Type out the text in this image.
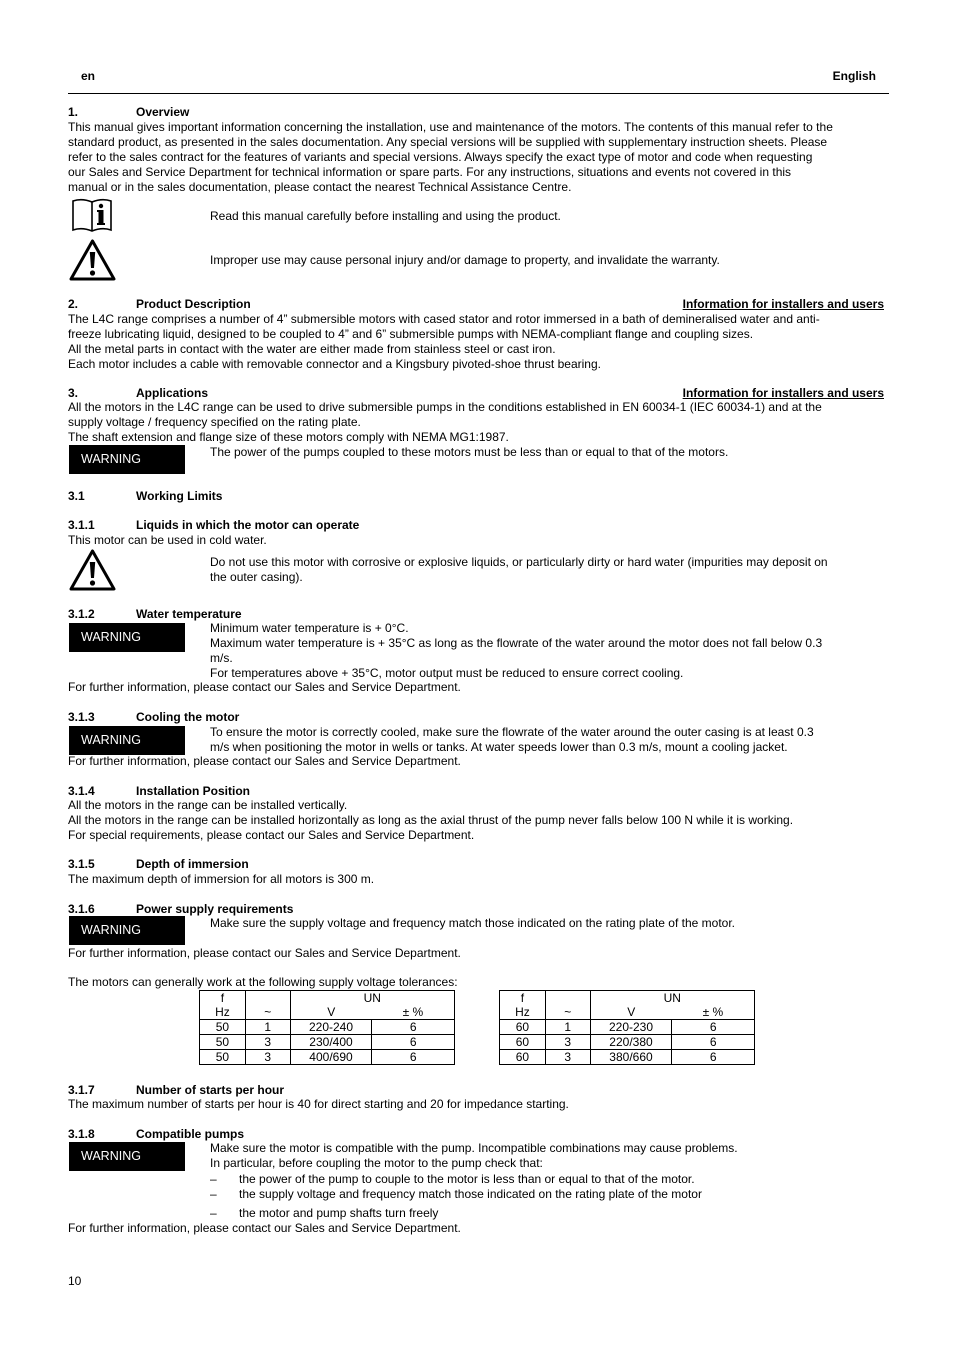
en	English
1.	Overview
This manual gives important information concerning the installation, use and maintenance of the motors. The contents of this manual refer to the
standard product, as presented in the sales documentation. Any special versions will be supplied with supplementary instruction sheets. Please
refer to the sales contract for the features of variants and special versions. Always specify the exact type of motor and code when requesting
our Sales and Service Department for technical information or spare parts. For any instructions, situations and events not covered in this
manual or in the sales documentation, please contact the nearest Technical Assistance Centre.
Read this manual carefully before installing and using the product.
Improper use may cause personal injury and/or damage to property, and invalidate the warranty.
2.	Product Description	Information for installers and users
The L4C range comprises a number of 4” submersible motors with cased stator and rotor immersed in a bath of demineralised water and anti-
freeze lubricating liquid, designed to be coupled to 4” and 6” submersible pumps with NEMA-compliant flange and coupling sizes.
All the metal parts in contact with the water are either made from stainless steel or cast iron.
Each motor includes a cable with removable connector and a Kingsbury pivoted-shoe thrust bearing.
3.	Applications	Information for installers and users
All the motors in the L4C range can be used to drive submersible pumps in the conditions established in EN 60034-1 (IEC 60034-1) and at the
supply voltage / frequency specified on the rating plate.
The shaft extension and flange size of these motors comply with NEMA MG1:1987.
WARNING	The power of the pumps coupled to these motors must be less than or equal to that of the motors.
3.1	Working Limits
3.1.1	Liquids in which the motor can operate
This motor can be used in cold water.
Do not use this motor with corrosive or explosive liquids, or particularly dirty or hard water (impurities may deposit on
the outer casing).
3.1.2	Water temperature
WARNING
Minimum water temperature is + 0°C.
Maximum water temperature is + 35°C as long as the flowrate of the water around the motor does not fall below 0.3
m/s.
For temperatures above + 35°C, motor output must be reduced to ensure correct cooling.
For further information, please contact our Sales and Service Department.
3.1.3	Cooling the motor
WARNING
To ensure the motor is correctly cooled, make sure the flowrate of the water around the outer casing is at least 0.3
m/s when positioning the motor in wells or tanks. At water speeds lower than 0.3 m/s, mount a cooling jacket.
For further information, please contact our Sales and Service Department.
3.1.4	Installation Position
All the motors in the range can be installed vertically.
All the motors in the range can be installed horizontally as long as the axial thrust of the pump never falls below 100 N while it is working.
For special requirements, please contact our Sales and Service Department.
3.1.5	Depth of immersion
The maximum depth of immersion for all motors is 300 m.
3.1.6	Power supply requirements
WARNING	Make sure the supply voltage and frequency match those indicated on the rating plate of the motor.
For further information, please contact our Sales and Service Department.
The motors can generally work at the following supply voltage tolerances:
f		UN	
Hz	~	V	± %
50	1	220-240	6
50	3	230/400	6
50	3	400/690	6
f		UN	
Hz	~	V	± %
60	1	220-230	6
60	3	220/380	6
60	3	380/660	6
3.1.7	Number of starts per hour
The maximum number of starts per hour is 40 for direct starting and 20 for impedance starting.
3.1.8	Compatible pumps
WARNING
Make sure the motor is compatible with the pump. Incompatible combinations may cause problems.
In particular, before coupling the motor to the pump check that:
– the power of the pump to couple to the motor is less than or equal to that of the motor.
– the supply voltage and frequency match those indicated on the rating plate of the motor
– the motor and pump shafts turn freely
For further information, please contact our Sales and Service Department.
10
